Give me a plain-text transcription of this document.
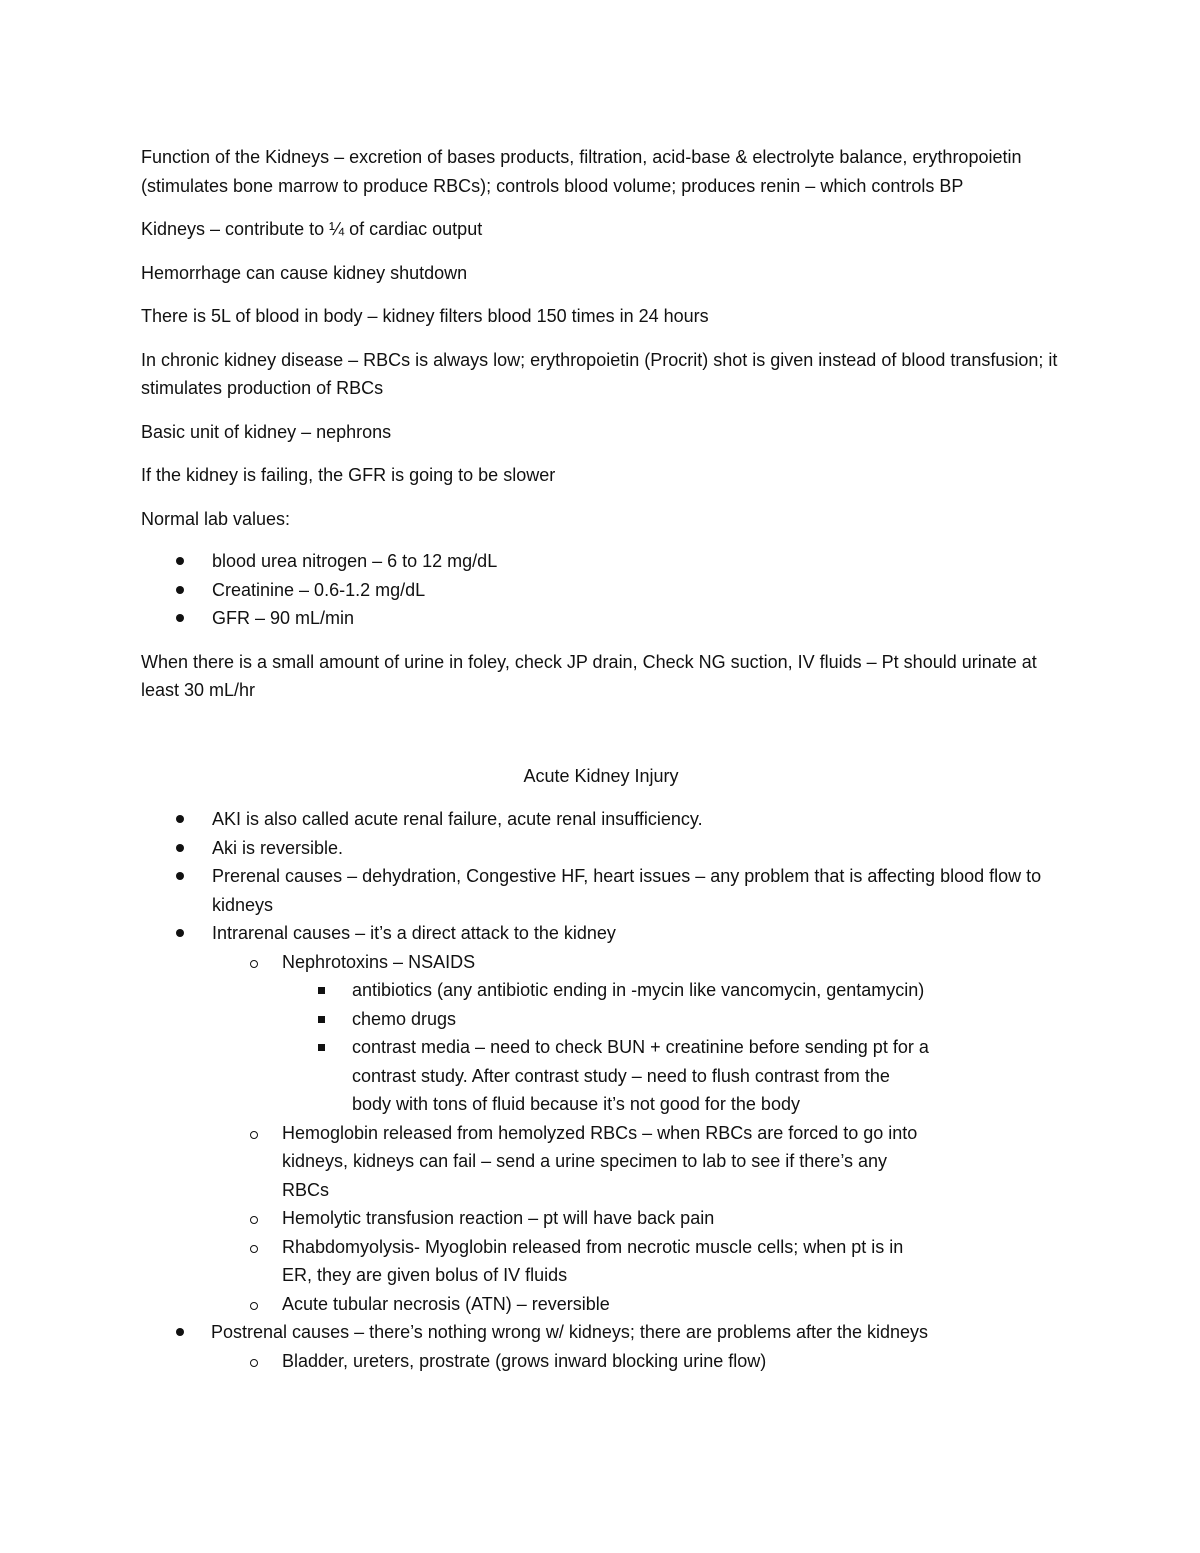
Function of the Kidneys – excretion of bases products, filtration, acid-base & electrolyte balance, erythropoietin (stimulates bone marrow to produce RBCs); controls blood volume; produces renin – which controls BP

Kidneys – contribute to ¼ of cardiac output

Hemorrhage can cause kidney shutdown

There is 5L of blood in body – kidney filters blood 150 times in 24 hours

In chronic kidney disease – RBCs is always low; erythropoietin (Procrit) shot is given instead of blood transfusion; it stimulates production of RBCs

Basic unit of kidney – nephrons

If the kidney is failing, the GFR is going to be slower

Normal lab values:

blood urea nitrogen – 6 to 12 mg/dL
Creatinine – 0.6-1.2 mg/dL
GFR – 90 mL/min

When there is a small amount of urine in foley, check JP drain, Check NG suction, IV fluids – Pt should urinate at least 30 mL/hr

Acute Kidney Injury

AKI is also called acute renal failure, acute renal insufficiency.
Aki is reversible.
Prerenal causes – dehydration, Congestive HF, heart issues – any problem that is affecting blood flow to kidneys
Intrarenal causes – it’s a direct attack to the kidney
Nephrotoxins – NSAIDS
antibiotics (any antibiotic ending in -mycin like vancomycin, gentamycin)
chemo drugs
contrast media – need to check BUN + creatinine before sending pt for a contrast study. After contrast study – need to flush contrast from the body with tons of fluid because it’s not good for the body
Hemoglobin released from hemolyzed RBCs – when RBCs are forced to go into kidneys, kidneys can fail – send a urine specimen to lab to see if there’s any RBCs
Hemolytic transfusion reaction – pt will have back pain
Rhabdomyolysis- Myoglobin released from necrotic muscle cells; when pt is in ER, they are given bolus of IV fluids
Acute tubular necrosis (ATN) – reversible
Postrenal causes – there’s nothing wrong w/ kidneys; there are problems after the kidneys
Bladder, ureters, prostrate (grows inward blocking urine flow)
